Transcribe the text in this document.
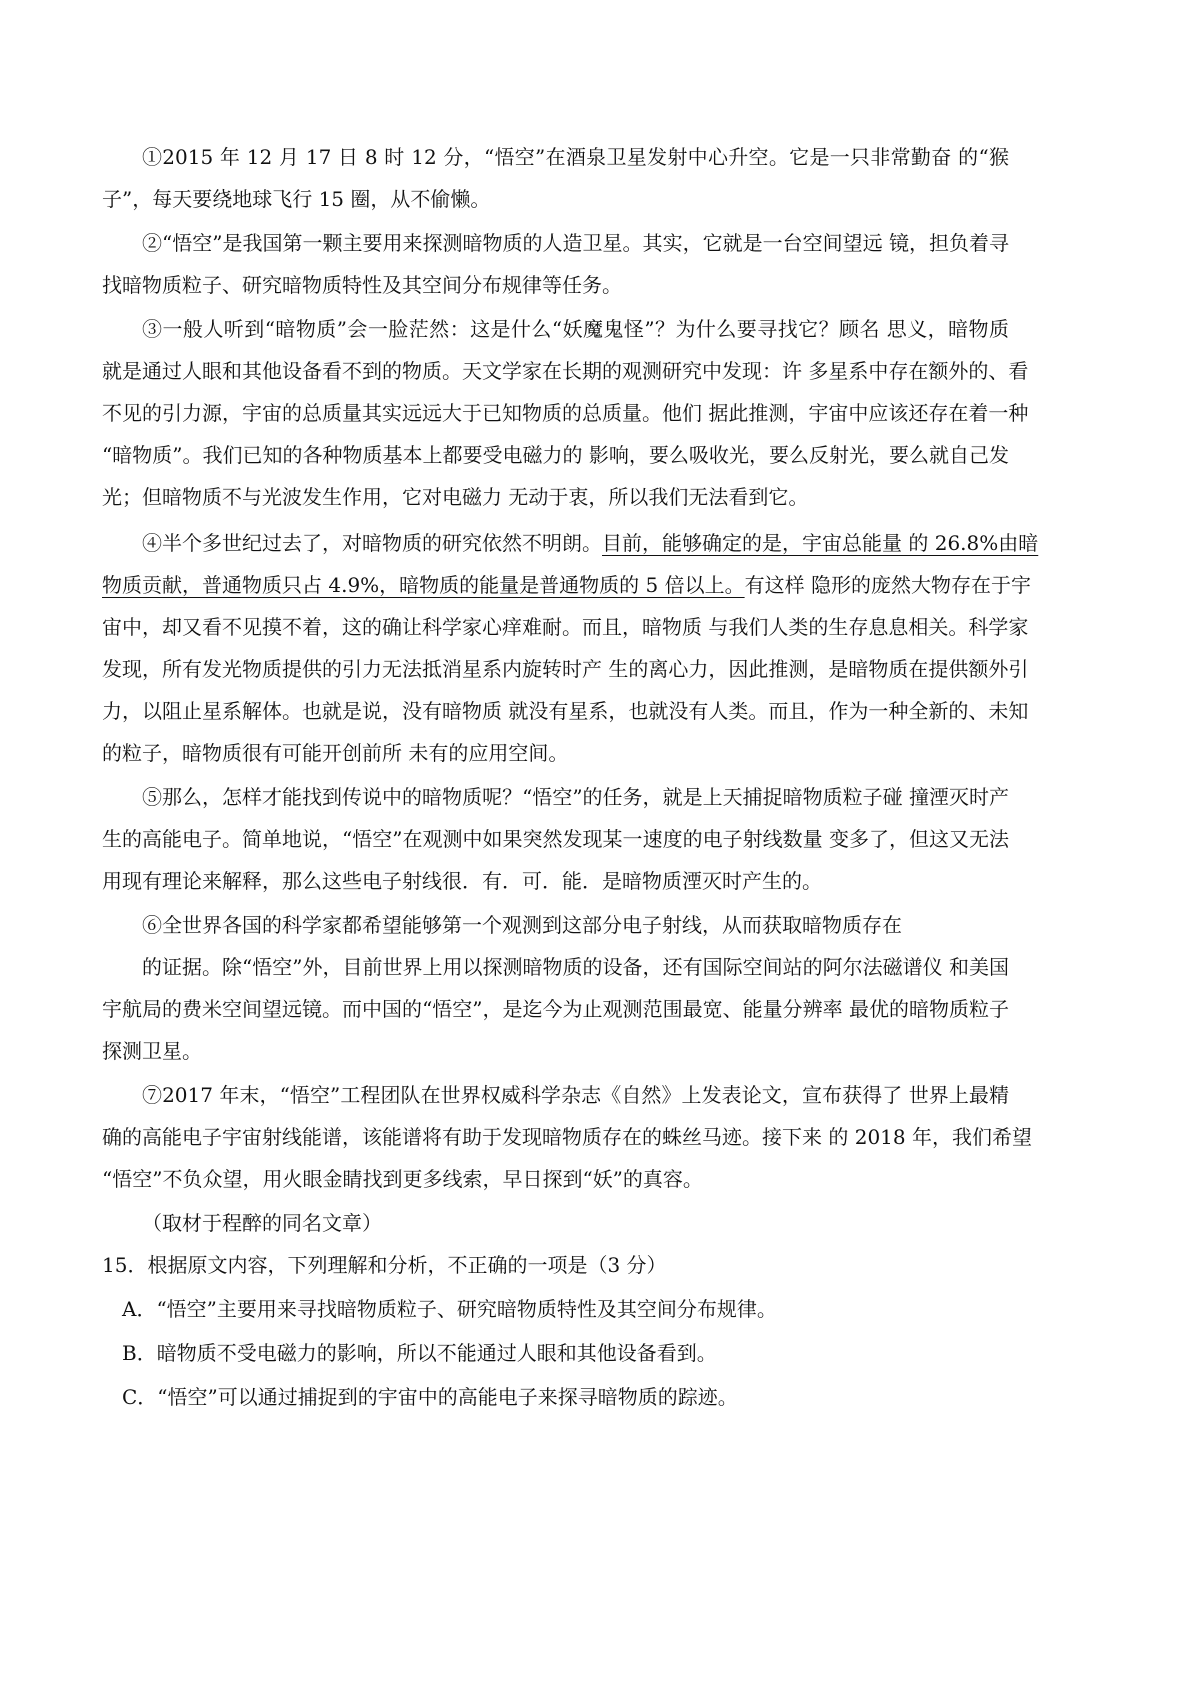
①2015 年 12 月 17 日 8 时 12 分，“悟空”在酒泉卫星发射中心升空。它是一只非常勤奋 的“猴
子”，每天要绕地球飞行 15 圈，从不偷懒。
②“悟空”是我国第一颗主要用来探测暗物质的人造卫星。其实，它就是一台空间望远 镜，担负着寻
找暗物质粒子、研究暗物质特性及其空间分布规律等任务。
③一般人听到“暗物质”会一脸茫然：这是什么“妖魔鬼怪”？为什么要寻找它？顾名 思义，暗物质
就是通过人眼和其他设备看不到的物质。天文学家在长期的观测研究中发现：许 多星系中存在额外的、看
不见的引力源，宇宙的总质量其实远远大于已知物质的总质量。他们 据此推测，宇宙中应该还存在着一种
“暗物质”。我们已知的各种物质基本上都要受电磁力的 影响，要么吸收光，要么反射光，要么就自己发
光；但暗物质不与光波发生作用，它对电磁力 无动于衷，所以我们无法看到它。
④半个多世纪过去了，对暗物质的研究依然不明朗。 目前，能够确定的是，宇宙总能量 的 26.8%由暗
物质贡献，普通物质只占 4.9%，暗物质的能量是普通物质的 5 倍以上。 有这样 隐形的庞然大物存在于宇
宙中，却又看不见摸不着，这的确让科学家心痒难耐。而且，暗物质 与我们人类的生存息息相关。科学家
发现，所有发光物质提供的引力无法抵消星系内旋转时产 生的离心力，因此推测，是暗物质在提供额外引
力，以阻止星系解体。也就是说，没有暗物质 就没有星系，也就没有人类。而且，作为一种全新的、未知
的粒子，暗物质很有可能开创前所 未有的应用空间。
⑤那么，怎样才能找到传说中的暗物质呢？“悟空”的任务，就是上天捕捉暗物质粒子碰 撞湮灭时产
生的高能电子。简单地说，“悟空”在观测中如果突然发现某一速度的电子射线数量 变多了，但这又无法
用现有理论来解释，那么这些电子射线很．有．可．能．是暗物质湮灭时产生的。
⑥全世界各国的科学家都希望能够第一个观测到这部分电子射线，从而获取暗物质存在
的证据。除“悟空”外，目前世界上用以探测暗物质的设备，还有国际空间站的阿尔法磁谱仪 和美国
宇航局的费米空间望远镜。而中国的“悟空”，是迄今为止观测范围最宽、能量分辨率 最优的暗物质粒子
探测卫星。
⑦2017 年末，“悟空”工程团队在世界权威科学杂志《自然》上发表论文，宣布获得了 世界上最精
确的高能电子宇宙射线能谱，该能谱将有助于发现暗物质存在的蛛丝马迹。接下来 的 2018 年，我们希望
“悟空”不负众望，用火眼金睛找到更多线索，早日探到“妖”的真容。
（取材于程醉的同名文章）
15．根据原文内容，下列理解和分析，不正确的一项是（3 分）
A．“悟空”主要用来寻找暗物质粒子、研究暗物质特性及其空间分布规律。
B．暗物质不受电磁力的影响，所以不能通过人眼和其他设备看到。
C．“悟空”可以通过捕捉到的宇宙中的高能电子来探寻暗物质的踪迹。
